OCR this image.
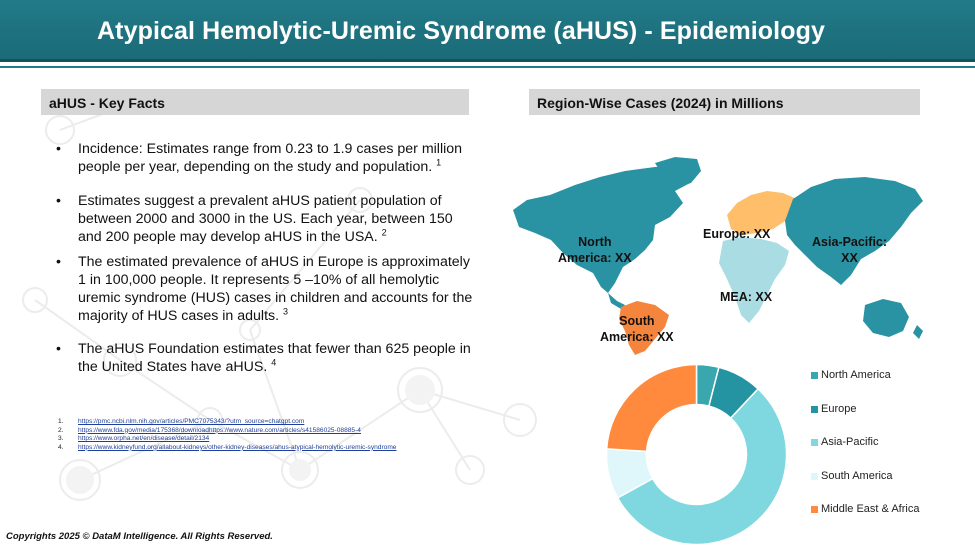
Atypical Hemolytic-Uremic Syndrome (aHUS) - Epidemiology
aHUS - Key Facts	Region-Wise Cases (2024) in Millions
• Incidence: Estimates range from 0.23 to 1.9 cases per million people per year, depending on the study and population. $^1$
• Estimates suggest a prevalent aHUS patient population of between 2000 and 3000 in the US. Each year, between 150 and 200 people may develop aHUS in the USA. $^2$
• The estimated prevalence of aHUS in Europe is approximately 1 in 100,000 people. It represents 5 –10% of all hemolytic uremic syndrome (HUS) cases in children and accounts for the majority of HUS cases in adults. $^3$
• The aHUS Foundation estimates that fewer than 625 people in the United States have aHUS. $^4$
1. https://pmc.ncbi.nlm.nih.gov/articles/PMC7075343/?utm_source=chatgpt.com
2. https://www.fda.gov/media/175368/downloadhttps://www.nature.com/articles/s41586025-08885-4
3. https://www.orpha.net/en/disease/detail/2134
4. https://www.kidneyfund.org/allabout-kidneys/other-kidney-diseases/ahus-atypical-hemolytic-uremic-syndrome
North
America: XX
Europe: XX
Asia-Pacific:
XX
MEA: XX
South
America: XX
North America
Europe
Asia-Pacific
South America
Middle East & Africa
Copyrights 2025 © DataM Intelligence. All Rights Reserved.
